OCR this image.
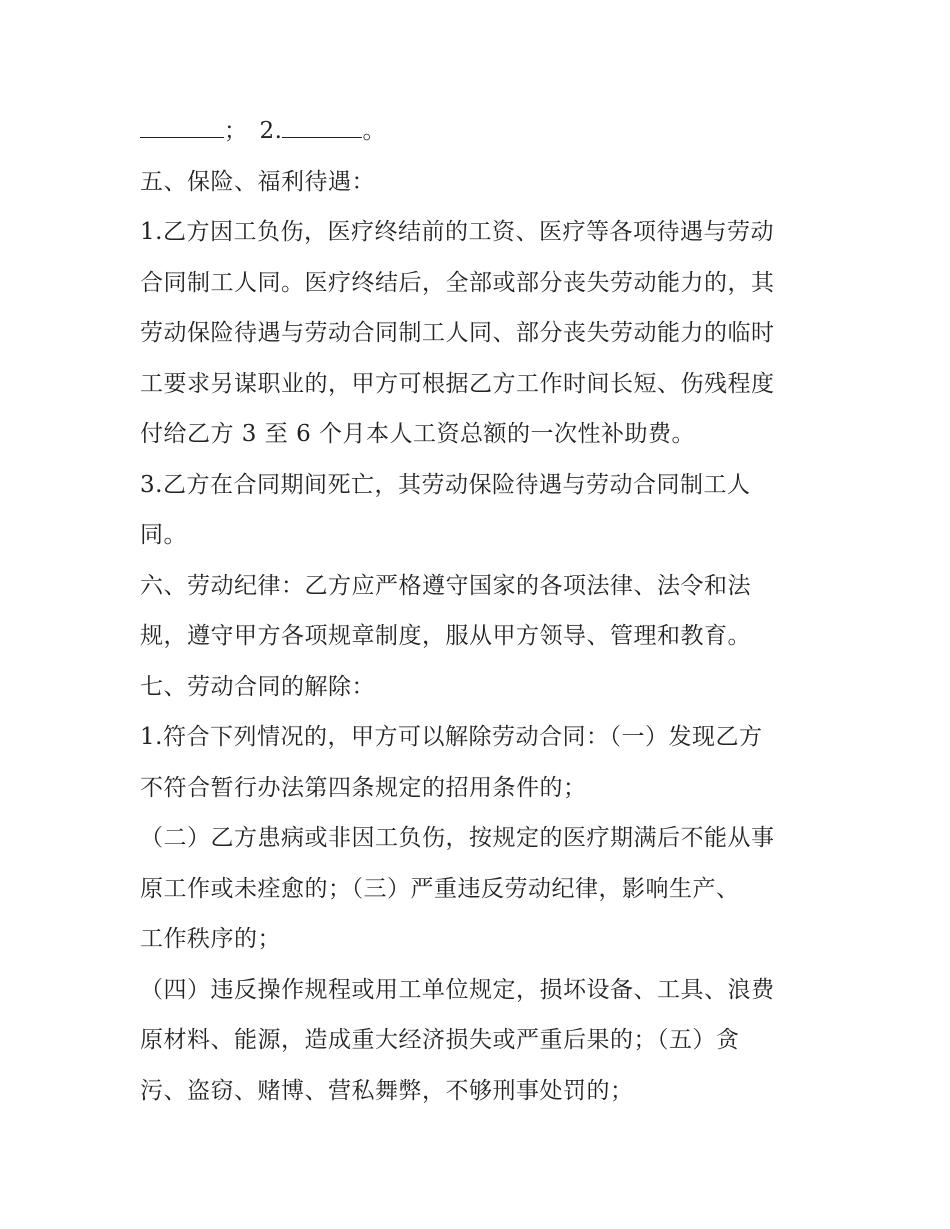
； 2.	。
五、保险、福利待遇：
1.乙方因工负伤，医疗终结前的工资、医疗等各项待遇与劳动
合同制工人同。医疗终结后，全部或部分丧失劳动能力的，其
劳动保险待遇与劳动合同制工人同、部分丧失劳动能力的临时
工要求另谋职业的，甲方可根据乙方工作时间长短、伤残程度
付给乙方 3 至 6 个月本人工资总额的一次性补助费。
3.乙方在合同期间死亡，其劳动保险待遇与劳动合同制工人
同。
六、劳动纪律：乙方应严格遵守国家的各项法律、法令和法
规，遵守甲方各项规章制度，服从甲方领导、管理和教育。
七、劳动合同的解除：
1.符合下列情况的，甲方可以解除劳动合同：（一）发现乙方
不符合暂行办法第四条规定的招用条件的；
（二）乙方患病或非因工负伤，按规定的医疗期满后不能从事
原工作或未痊愈的；（三）严重违反劳动纪律，影响生产、
工作秩序的；
（四）违反操作规程或用工单位规定，损坏设备、工具、浪费
原材料、能源，造成重大经济损失或严重后果的；（五）贪
污、盗窃、赌博、营私舞弊，不够刑事处罚的；
